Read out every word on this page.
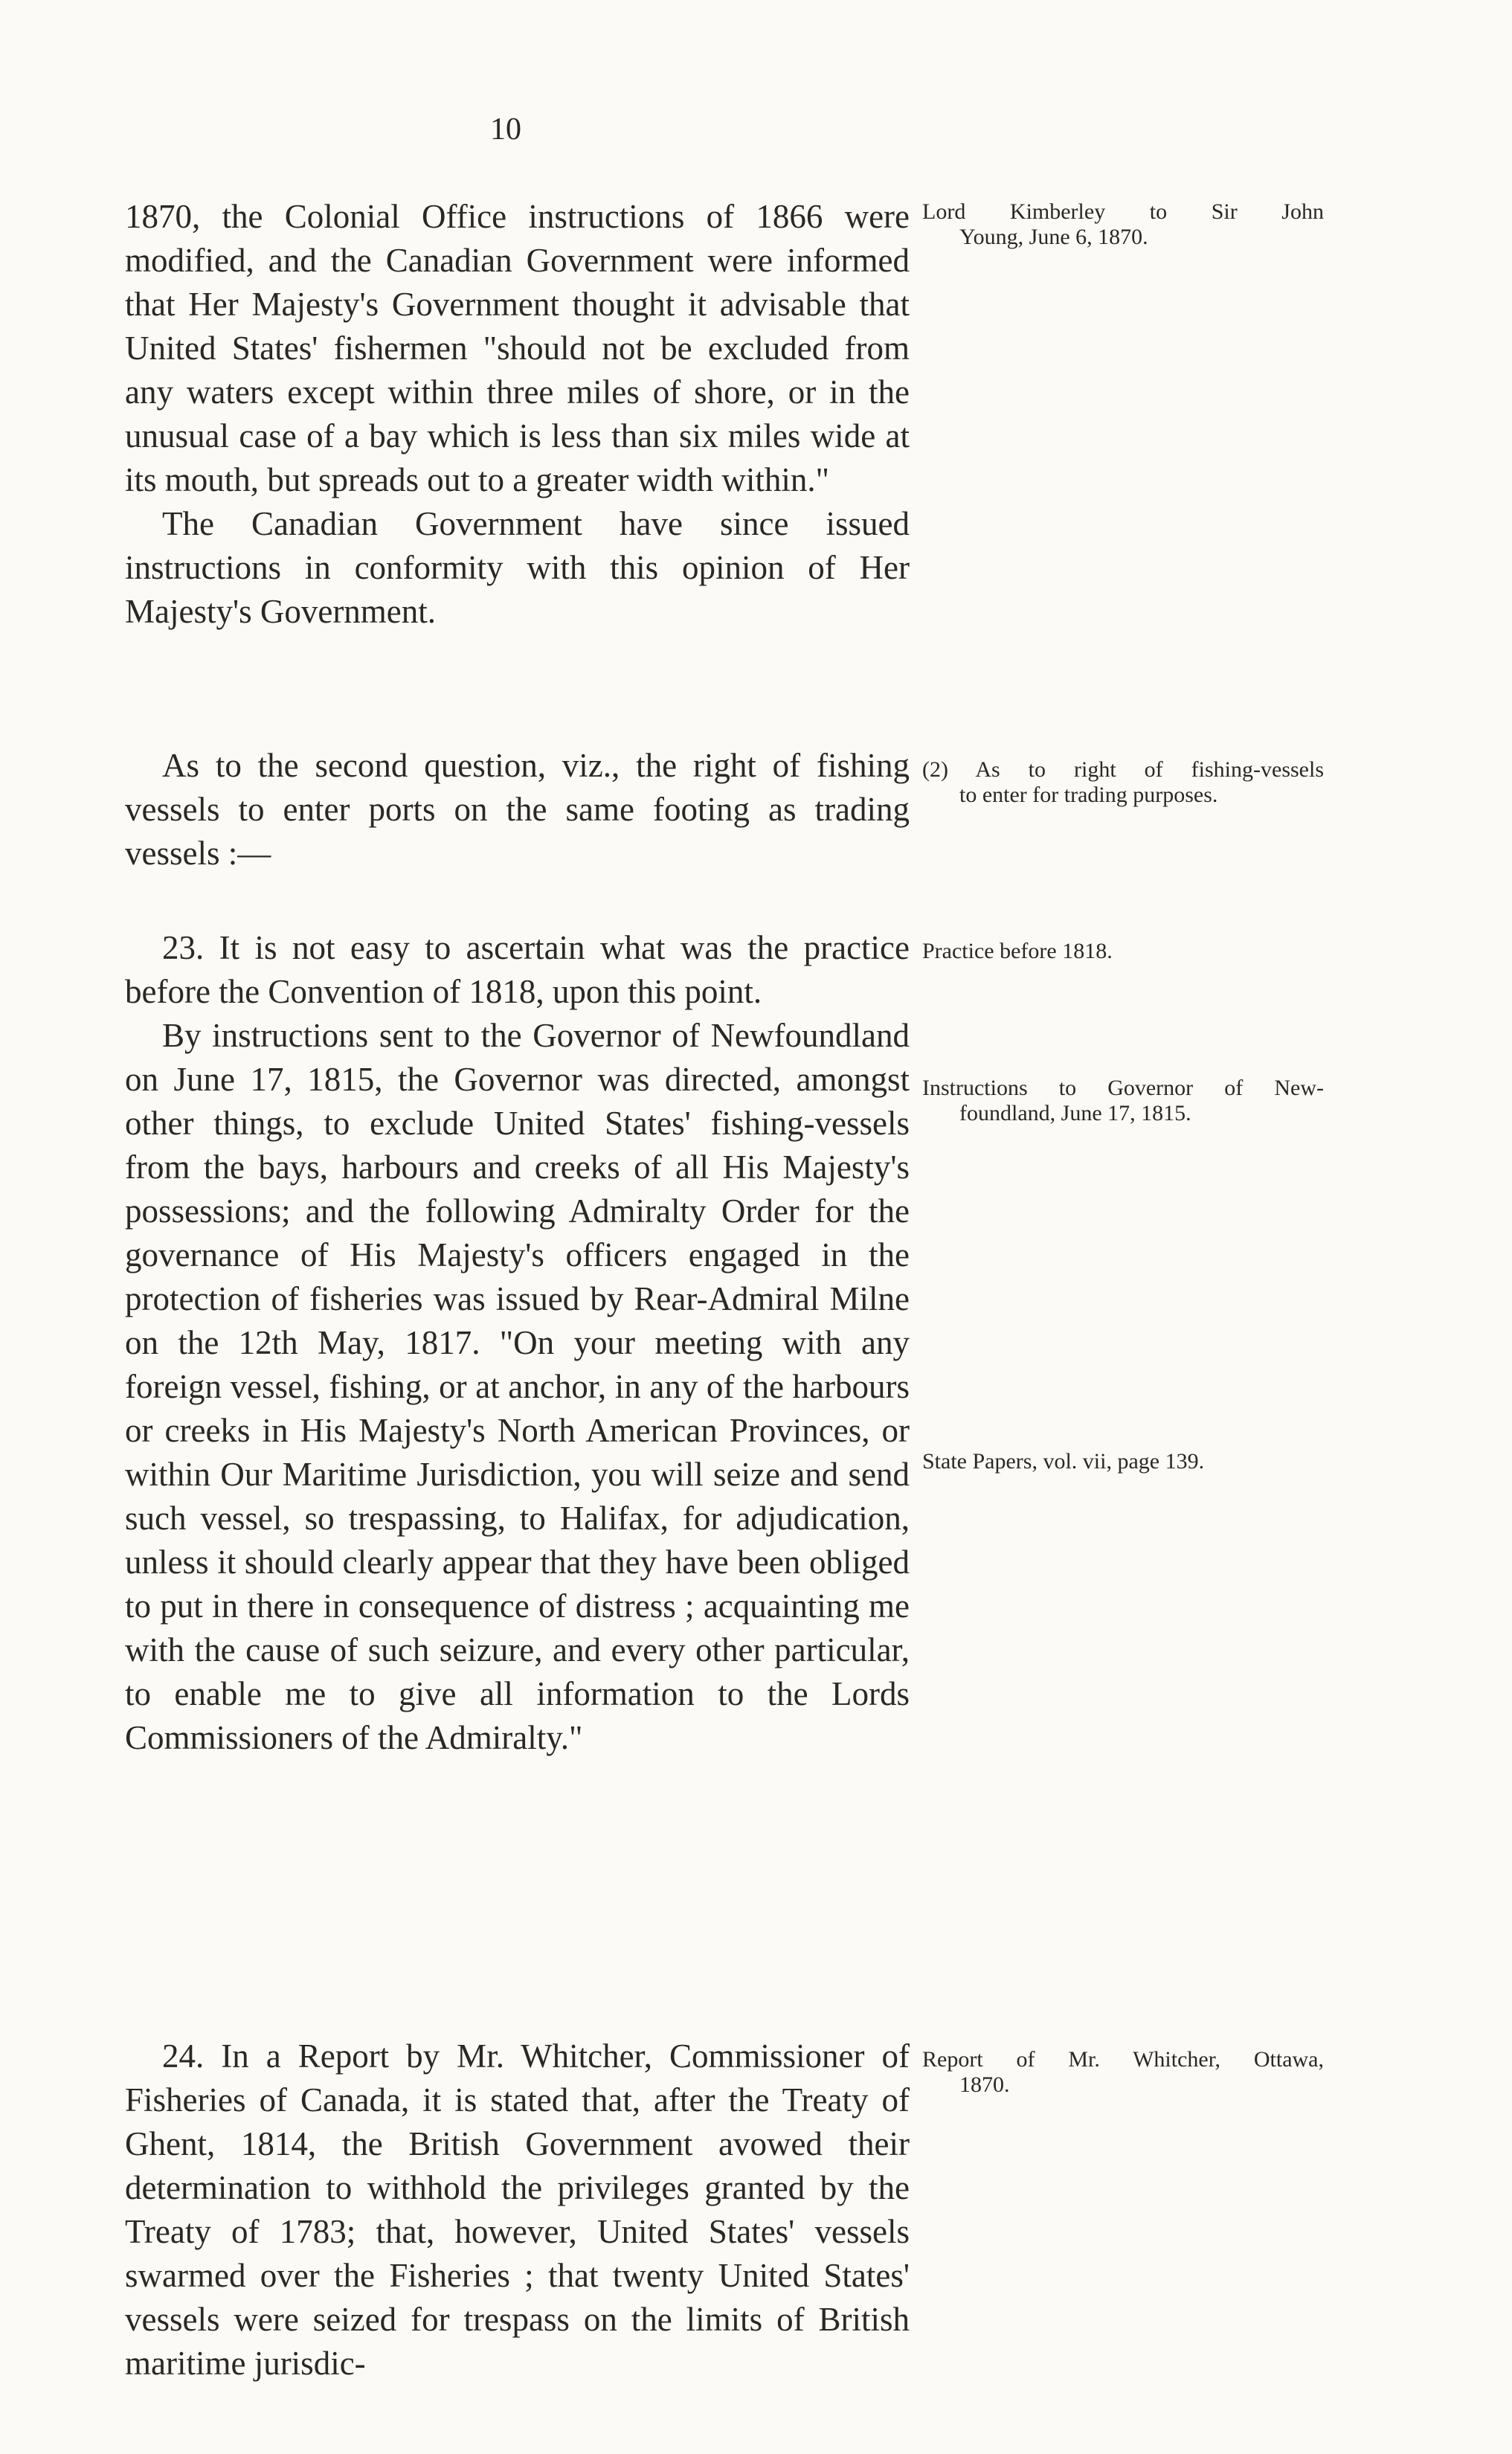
10

1870, the Colonial Office instructions of 1866 were modified, and the Canadian Government were informed that Her Majesty's Government thought it advisable that United States' fishermen "should not be excluded from any waters except within three miles of shore, or in the unusual case of a bay which is less than six miles wide at its mouth, but spreads out to a greater width within."

The Canadian Government have since issued instructions in conformity with this opinion of Her Majesty's Government.

As to the second question, viz., the right of fishing vessels to enter ports on the same footing as trading vessels :—

23. It is not easy to ascertain what was the practice before the Convention of 1818, upon this point.

By instructions sent to the Governor of Newfoundland on June 17, 1815, the Governor was directed, amongst other things, to exclude United States' fishing-vessels from the bays, harbours and creeks of all His Majesty's possessions; and the following Admiralty Order for the governance of His Majesty's officers engaged in the protection of fisheries was issued by Rear-Admiral Milne on the 12th May, 1817. "On your meeting with any foreign vessel, fishing, or at anchor, in any of the harbours or creeks in His Majesty's North American Provinces, or within Our Maritime Jurisdiction, you will seize and send such vessel, so trespassing, to Halifax, for adjudication, unless it should clearly appear that they have been obliged to put in there in consequence of distress ; acquainting me with the cause of such seizure, and every other particular, to enable me to give all information to the Lords Commissioners of the Admiralty."

24. In a Report by Mr. Whitcher, Commissioner of Fisheries of Canada, it is stated that, after the Treaty of Ghent, 1814, the British Government avowed their determination to withhold the privileges granted by the Treaty of 1783; that, however, United States' vessels swarmed over the Fisheries ; that twenty United States' vessels were seized for trespass on the limits of British maritime jurisdic-

Lord Kimberley to Sir John
Young, June 6, 1870.
(2) As to right of fishing-vessels
to enter for trading purposes.
Practice before 1818.
Instructions to Governor of New-
foundland, June 17, 1815.
State Papers, vol. vii, page 139.
Report of Mr. Whitcher, Ottawa,
1870.
